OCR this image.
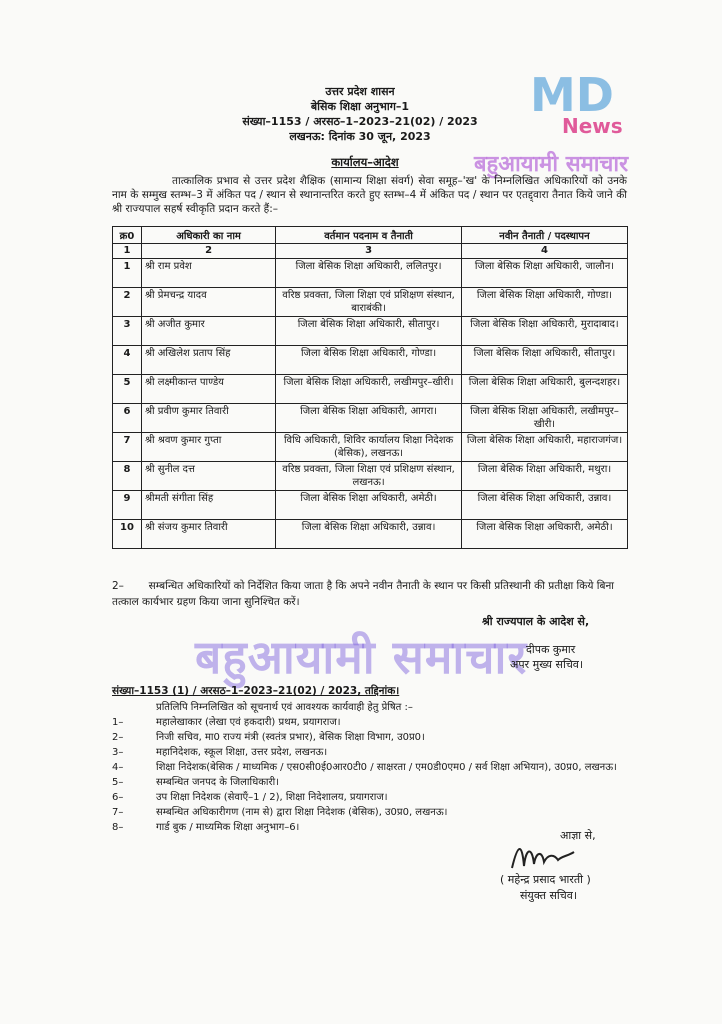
MD
News
बहुआयामी समाचार
उत्तर प्रदेश शासन
बेसिक शिक्षा अनुभाग–1
संख्या–1153 / अरसठ–1–2023–21(02) / 2023
लखनऊ: दिनांक 30 जून, 2023
कार्यालय–आदेश
तात्कालिक प्रभाव से उत्तर प्रदेश शैक्षिक (सामान्य शिक्षा संवर्ग) सेवा समूह–'ख' के निम्नलिखित अधिकारियों को उनके नाम के सम्मुख स्तम्भ–3 में अंकित पद / स्थान से स्थानान्तरित करते हुए स्तम्भ–4 में अंकित पद / स्थान पर एतद्द्वारा तैनात किये जाने की श्री राज्यपाल सहर्ष स्वीकृति प्रदान करते हैं:–
क्र0	अधिकारी का नाम	वर्तमान पदनाम व तैनाती	नवीन तैनाती / पदस्थापन
1	2	3	4
1	श्री राम प्रवेश	जिला बेसिक शिक्षा अधिकारी, ललितपुर।	जिला बेसिक शिक्षा अधिकारी, जालौन।
2	श्री प्रेमचन्द्र यादव	वरिष्ठ प्रवक्ता, जिला शिक्षा एवं प्रशिक्षण संस्थान, बाराबंकी।	जिला बेसिक शिक्षा अधिकारी, गोण्डा।
3	श्री अजीत कुमार	जिला बेसिक शिक्षा अधिकारी, सीतापुर।	जिला बेसिक शिक्षा अधिकारी, मुरादाबाद।
4	श्री अखिलेश प्रताप सिंह	जिला बेसिक शिक्षा अधिकारी, गोण्डा।	जिला बेसिक शिक्षा अधिकारी, सीतापुर।
5	श्री लक्ष्मीकान्त पाण्डेय	जिला बेसिक शिक्षा अधिकारी, लखीमपुर–खीरी।	जिला बेसिक शिक्षा अधिकारी, बुलन्दशहर।
6	श्री प्रवीण कुमार तिवारी	जिला बेसिक शिक्षा अधिकारी, आगरा।	जिला बेसिक शिक्षा अधिकारी, लखीमपुर–खीरी।
7	श्री श्रवण कुमार गुप्ता	विधि अधिकारी, शिविर कार्यालय शिक्षा निदेशक (बेसिक), लखनऊ।	जिला बेसिक शिक्षा अधिकारी, महाराजगंज।
8	श्री सुनील दत्त	वरिष्ठ प्रवक्ता, जिला शिक्षा एवं प्रशिक्षण संस्थान, लखनऊ।	जिला बेसिक शिक्षा अधिकारी, मथुरा।
9	श्रीमती संगीता सिंह	जिला बेसिक शिक्षा अधिकारी, अमेठी।	जिला बेसिक शिक्षा अधिकारी, उन्नाव।
10	श्री संजय कुमार तिवारी	जिला बेसिक शिक्षा अधिकारी, उन्नाव।	जिला बेसिक शिक्षा अधिकारी, अमेठी।
2– सम्बन्धित अधिकारियों को निर्देशित किया जाता है कि अपने नवीन तैनाती के स्थान पर किसी प्रतिस्थानी की प्रतीक्षा किये बिना तत्काल कार्यभार ग्रहण किया जाना सुनिश्चित करें।
श्री राज्यपाल के आदेश से,
बहुआयामी समाचार
दीपक कुमार
अपर मुख्य सचिव।
संख्या–1153 (1) / अरसठ–1–2023–21(02) / 2023, तद्दिनांक।
प्रतिलिपि निम्नलिखित को सूचनार्थ एवं आवश्यक कार्यवाही हेतु प्रेषित :–
1–	महालेखाकार (लेखा एवं हकदारी) प्रथम, प्रयागराज।
2–	निजी सचिव, मा0 राज्य मंत्री (स्वतंत्र प्रभार), बेसिक शिक्षा विभाग, उ0प्र0।
3–	महानिदेशक, स्कूल शिक्षा, उत्तर प्रदेश, लखनऊ।
4–	शिक्षा निदेशक(बेसिक / माध्यमिक / एस0सी0ई0आर0टी0 / साक्षरता / एम0डी0एम0 / सर्व शिक्षा अभियान), उ0प्र0, लखनऊ।
5–	सम्बन्धित जनपद के जिलाधिकारी।
6–	उप शिक्षा निदेशक (सेवाएँ–1 / 2), शिक्षा निदेशालय, प्रयागराज।
7–	सम्बन्धित अधिकारीगण (नाम से) द्वारा शिक्षा निदेशक (बेसिक), उ0प्र0, लखनऊ।
8–	गार्ड बुक / माध्यमिक शिक्षा अनुभाग–6।
आज्ञा से,
( महेन्द्र प्रसाद भारती )
संयुक्त सचिव।
